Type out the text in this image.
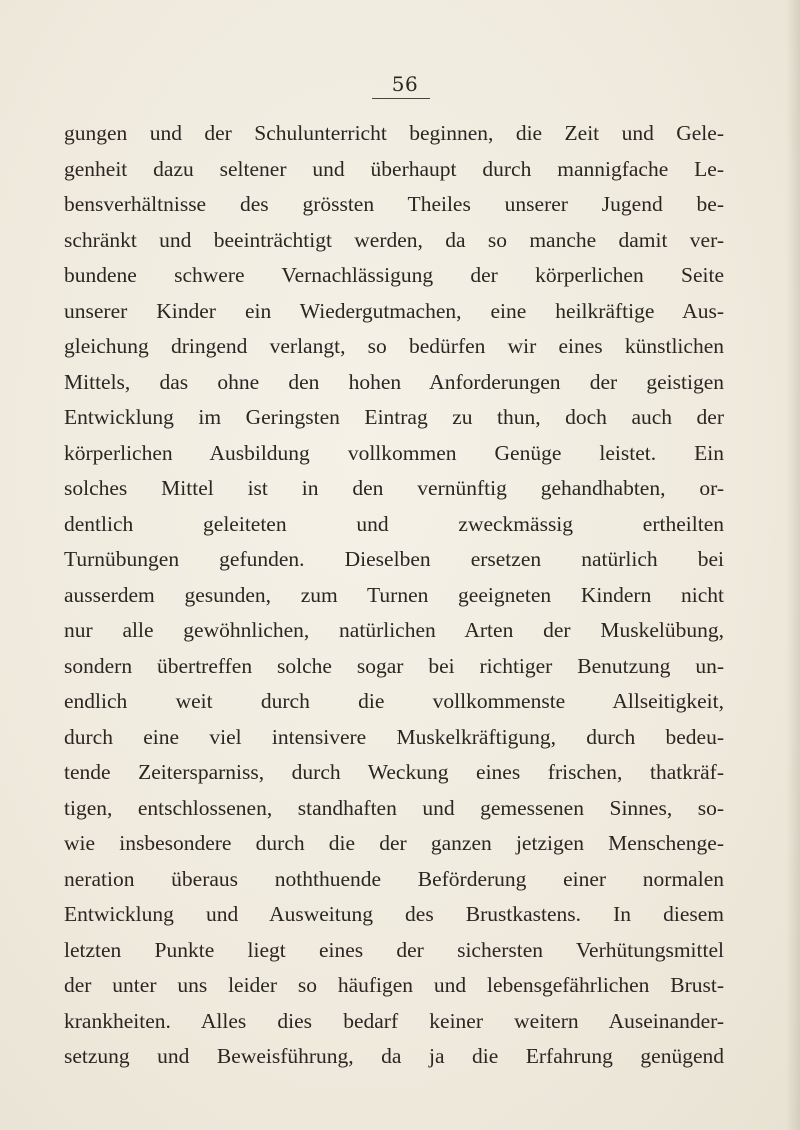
56
gungen und der Schulunterricht beginnen, die Zeit und Gele-
genheit dazu seltener und überhaupt durch mannigfache Le-
bensverhältnisse des grössten Theiles unserer Jugend be-
schränkt und beeinträchtigt werden, da so manche damit ver-
bundene schwere Vernachlässigung der körperlichen Seite
unserer Kinder ein Wiedergutmachen, eine heilkräftige Aus-
gleichung dringend verlangt, so bedürfen wir eines künstlichen
Mittels, das ohne den hohen Anforderungen der geistigen
Entwicklung im Geringsten Eintrag zu thun, doch auch der
körperlichen Ausbildung vollkommen Genüge leistet. Ein
solches Mittel ist in den vernünftig gehandhabten, or-
dentlich geleiteten und zweckmässig ertheilten
Turnübungen gefunden. Dieselben ersetzen natürlich bei
ausserdem gesunden, zum Turnen geeigneten Kindern nicht
nur alle gewöhnlichen, natürlichen Arten der Muskelübung,
sondern übertreffen solche sogar bei richtiger Benutzung un-
endlich weit durch die vollkommenste Allseitigkeit,
durch eine viel intensivere Muskelkräftigung, durch bedeu-
tende Zeitersparniss, durch Weckung eines frischen, thatkräf-
tigen, entschlossenen, standhaften und gemessenen Sinnes, so-
wie insbesondere durch die der ganzen jetzigen Menschenge-
neration überaus noththuende Beförderung einer normalen
Entwicklung und Ausweitung des Brustkastens. In diesem
letzten Punkte liegt eines der sichersten Verhütungsmittel
der unter uns leider so häufigen und lebensgefährlichen Brust-
krankheiten. Alles dies bedarf keiner weitern Auseinander-
setzung und Beweisführung, da ja die Erfahrung genügend
